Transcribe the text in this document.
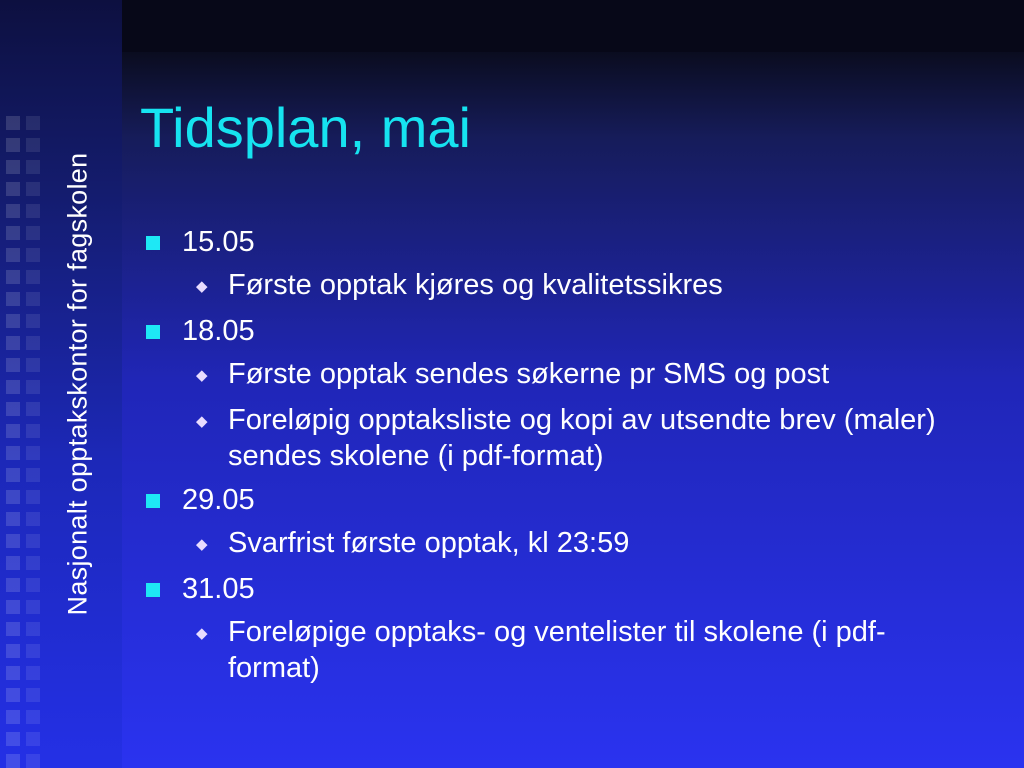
Nasjonalt opptakskontor for fagskolen
Tidsplan, mai
15.05
◆ Første opptak kjøres og kvalitetssikres
18.05
◆ Første opptak sendes søkerne pr SMS og post
◆ Foreløpig opptaksliste og kopi av utsendte brev (maler) sendes skolene (i pdf-format)
29.05
◆ Svarfrist første opptak, kl 23:59
31.05
◆ Foreløpige opptaks- og ventelister til skolene (i pdf-format)
